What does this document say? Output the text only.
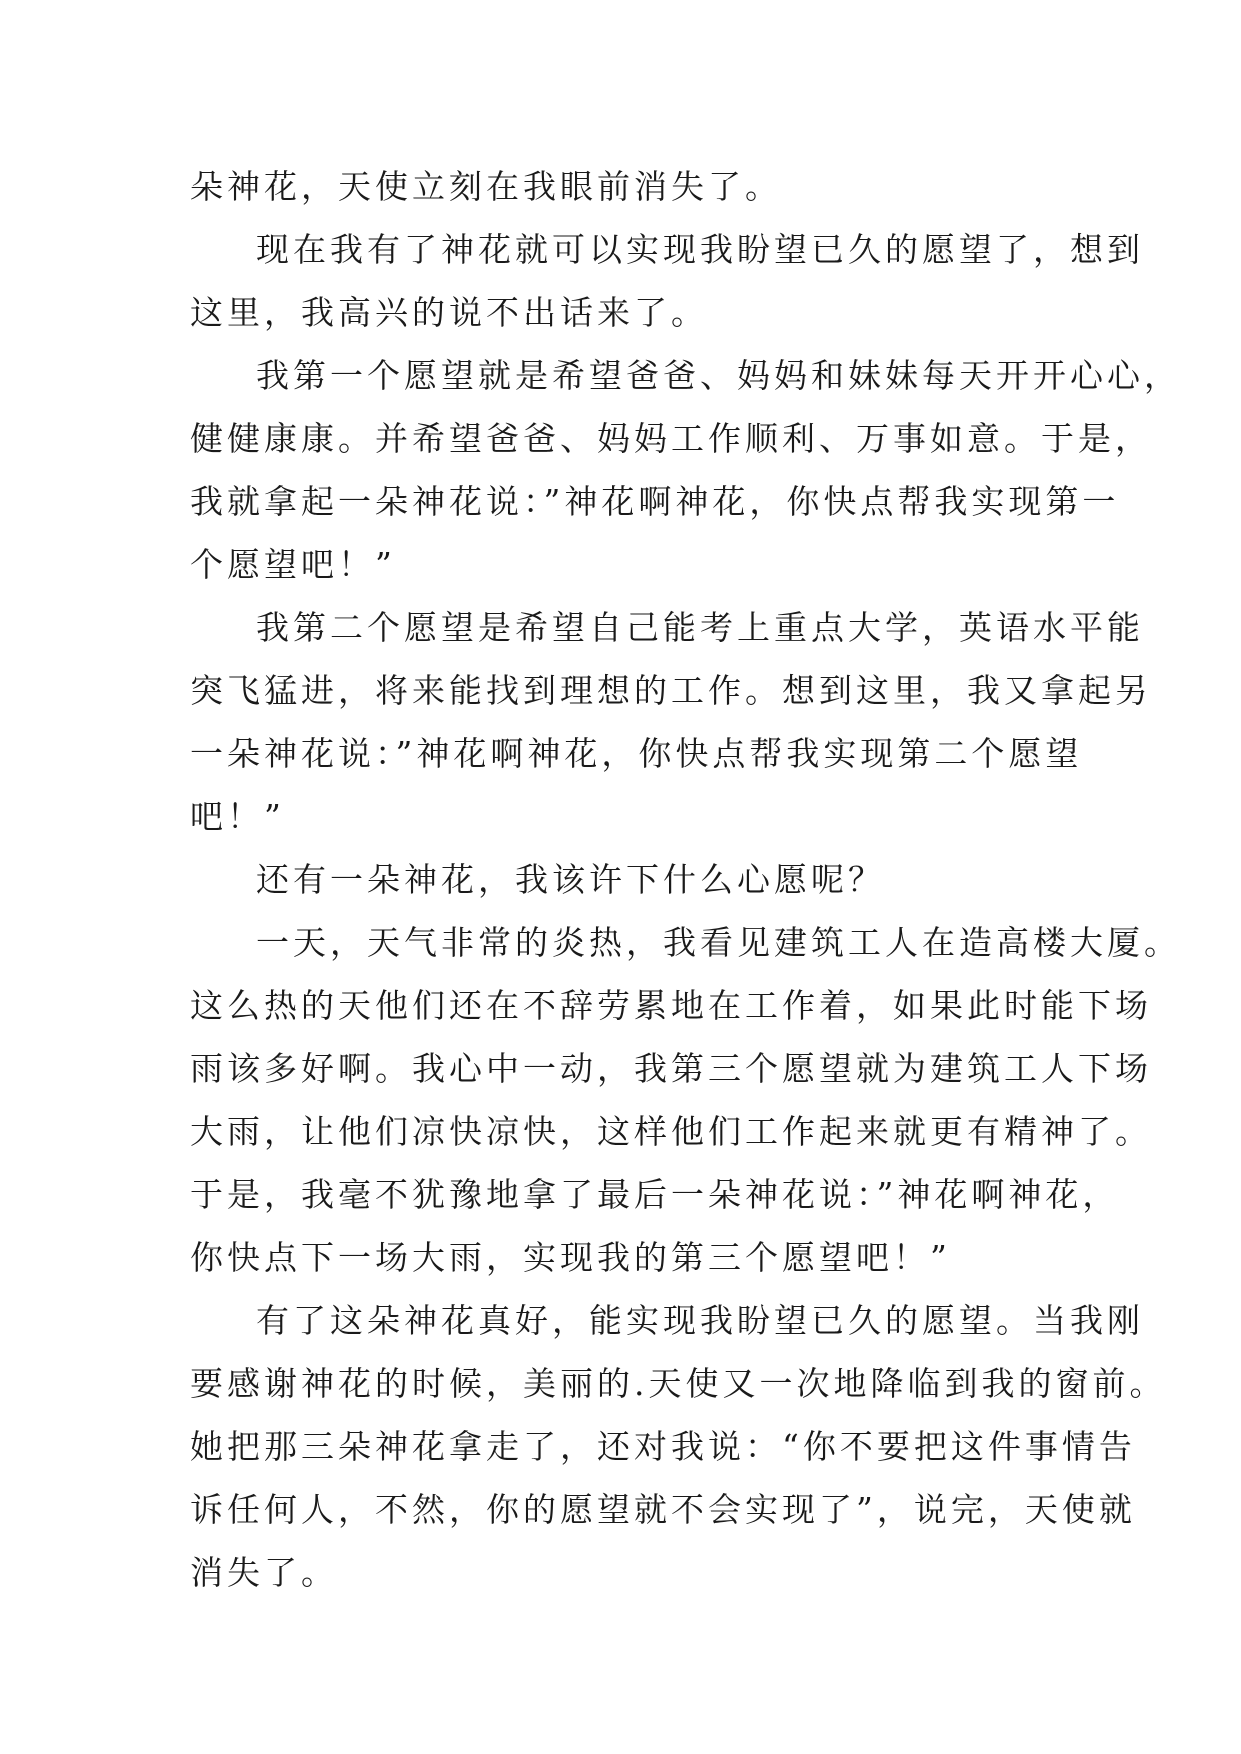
朵神花，天使立刻在我眼前消失了。
现在我有了神花就可以实现我盼望已久的愿望了，想到
这里，我高兴的说不出话来了。
我第一个愿望就是希望爸爸、妈妈和妹妹每天开开心心，
健健康康。并希望爸爸、妈妈工作顺利、万事如意。于是，
我就拿起一朵神花说：”神花啊神花，你快点帮我实现第一
个愿望吧！”
我第二个愿望是希望自己能考上重点大学，英语水平能
突飞猛进，将来能找到理想的工作。想到这里，我又拿起另
一朵神花说：”神花啊神花，你快点帮我实现第二个愿望
吧！”
还有一朵神花，我该许下什么心愿呢？
一天，天气非常的炎热，我看见建筑工人在造高楼大厦。
这么热的天他们还在不辞劳累地在工作着，如果此时能下场
雨该多好啊。我心中一动，我第三个愿望就为建筑工人下场
大雨，让他们凉快凉快，这样他们工作起来就更有精神了。
于是，我毫不犹豫地拿了最后一朵神花说：”神花啊神花，
你快点下一场大雨，实现我的第三个愿望吧！”
有了这朵神花真好，能实现我盼望已久的愿望。当我刚
要感谢神花的时候，美丽的.天使又一次地降临到我的窗前。
她把那三朵神花拿走了，还对我说：“你不要把这件事情告
诉任何人，不然，你的愿望就不会实现了”，说完，天使就
消失了。
